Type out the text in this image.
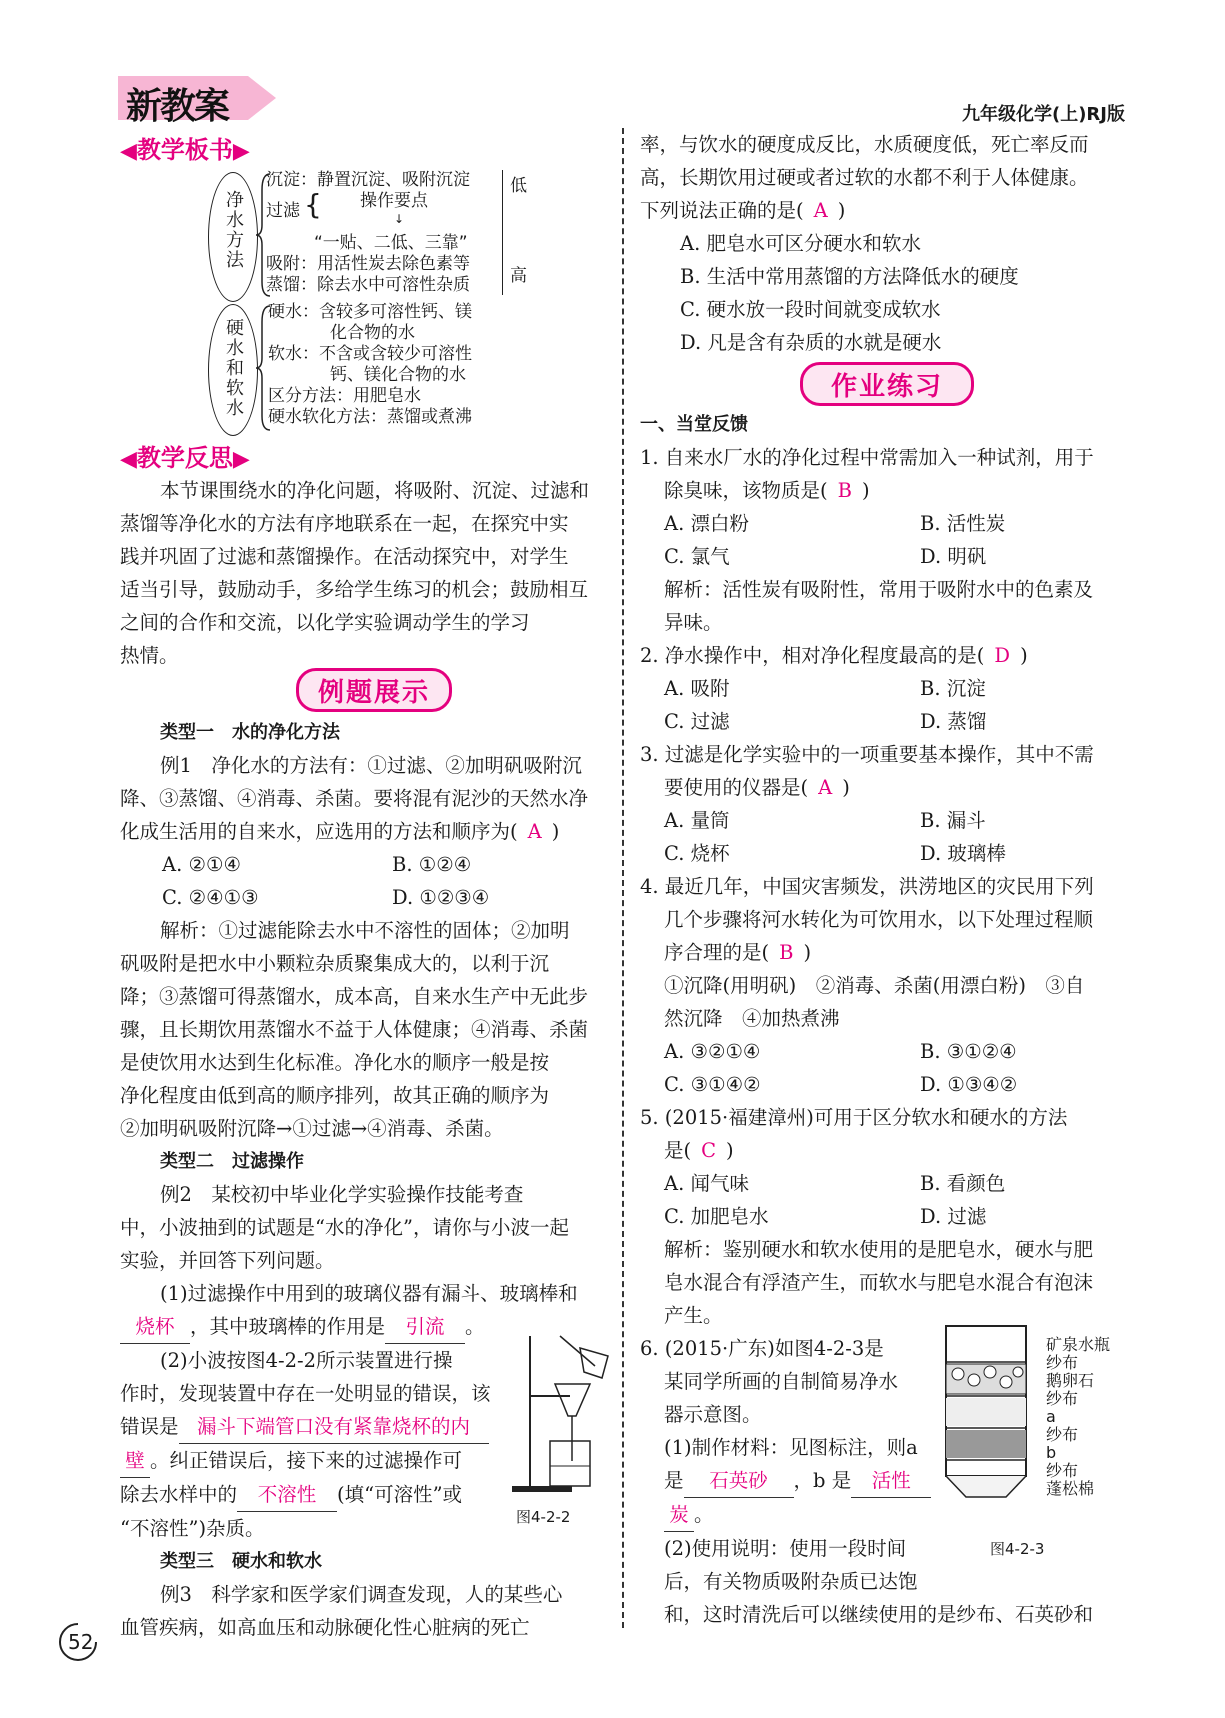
新教案	九年级化学(上)RJ版
◀教学板书▶
净水方法
沉淀：静置沉淀、吸附沉淀
过滤 { 操作要点
↓
“一贴、二低、三靠”
吸附：用活性炭去除色素等
蒸馏：除去水中可溶性杂质
低
高
硬水和软水
硬水：含较多可溶性钙、镁
化合物的水
软水：不含或含较少可溶性
钙、镁化合物的水
区分方法：用肥皂水
硬水软化方法：蒸馏或煮沸
◀教学反思▶
本节课围绕水的净化问题，将吸附、沉淀、过滤和
蒸馏等净化水的方法有序地联系在一起，在探究中实
践并巩固了过滤和蒸馏操作。在活动探究中，对学生
适当引导，鼓励动手，多给学生练习的机会；鼓励相互
之间的合作和交流，以化学实验调动学生的学习
热情。
例题展示
类型一　水的净化方法
例1　净化水的方法有：①过滤、②加明矾吸附沉
降、③蒸馏、④消毒、杀菌。要将混有泥沙的天然水净
化成生活用的自来水，应选用的方法和顺序为( A )
A. ②①④	B. ①②④
C. ②④①③	D. ①②③④
解析：①过滤能除去水中不溶性的固体；②加明
矾吸附是把水中小颗粒杂质聚集成大的，以利于沉
降；③蒸馏可得蒸馏水，成本高，自来水生产中无此步
骤，且长期饮用蒸馏水不益于人体健康；④消毒、杀菌
是使饮用水达到生化标准。净化水的顺序一般是按
净化程度由低到高的顺序排列，故其正确的顺序为
②加明矾吸附沉降→①过滤→④消毒、杀菌。
类型二　过滤操作
例2　某校初中毕业化学实验操作技能考查
中，小波抽到的试题是“水的净化”，请你与小波一起
实验，并回答下列问题。
(1)过滤操作中用到的玻璃仪器有漏斗、玻璃棒和
烧杯 ，其中玻璃棒的作用是 引流 。
(2)小波按图4-2-2所示装置进行操
作时，发现装置中存在一处明显的错误，该
错误是 漏斗下端管口没有紧靠烧杯的内
壁 。纠正错误后，接下来的过滤操作可
除去水样中的 不溶性 (填“可溶性”或
“不溶性”)杂质。
类型三　硬水和软水
例3　科学家和医学家们调查发现，人的某些心
血管疾病，如高血压和动脉硬化性心脏病的死亡
图4-2-2
率，与饮水的硬度成反比，水质硬度低，死亡率反而
高，长期饮用过硬或者过软的水都不利于人体健康。
下列说法正确的是( A )
A. 肥皂水可区分硬水和软水
B. 生活中常用蒸馏的方法降低水的硬度
C. 硬水放一段时间就变成软水
D. 凡是含有杂质的水就是硬水
作业练习
一、当堂反馈
1. 自来水厂水的净化过程中常需加入一种试剂，用于
除臭味，该物质是( B )
A. 漂白粉	B. 活性炭
C. 氯气	D. 明矾
解析：活性炭有吸附性，常用于吸附水中的色素及
异味。
2. 净水操作中，相对净化程度最高的是( D )
A. 吸附	B. 沉淀
C. 过滤	D. 蒸馏
3. 过滤是化学实验中的一项重要基本操作，其中不需
要使用的仪器是( A )
A. 量筒	B. 漏斗
C. 烧杯	D. 玻璃棒
4. 最近几年，中国灾害频发，洪涝地区的灾民用下列
几个步骤将河水转化为可饮用水，以下处理过程顺
序合理的是( B )
①沉降(用明矾)　②消毒、杀菌(用漂白粉)　③自
然沉降　④加热煮沸
A. ③②①④	B. ③①②④
C. ③①④②	D. ①③④②
5. (2015·福建漳州)可用于区分软水和硬水的方法
是( C )
A. 闻气味	B. 看颜色
C. 加肥皂水	D. 过滤
解析：鉴别硬水和软水使用的是肥皂水，硬水与肥
皂水混合有浮渣产生，而软水与肥皂水混合有泡沫
产生。
6. (2015·广东)如图4-2-3是
某同学所画的自制简易净水
器示意图。
(1)制作材料：见图标注，则a
是 石英砂 ，b 是 活性
炭 。
(2)使用说明：使用一段时间
后，有关物质吸附杂质已达饱
和，这时清洗后可以继续使用的是纱布、石英砂和
矿泉水瓶
纱布
鹅卵石
纱布
a
纱布
b
纱布
蓬松棉
图4-2-3
52
